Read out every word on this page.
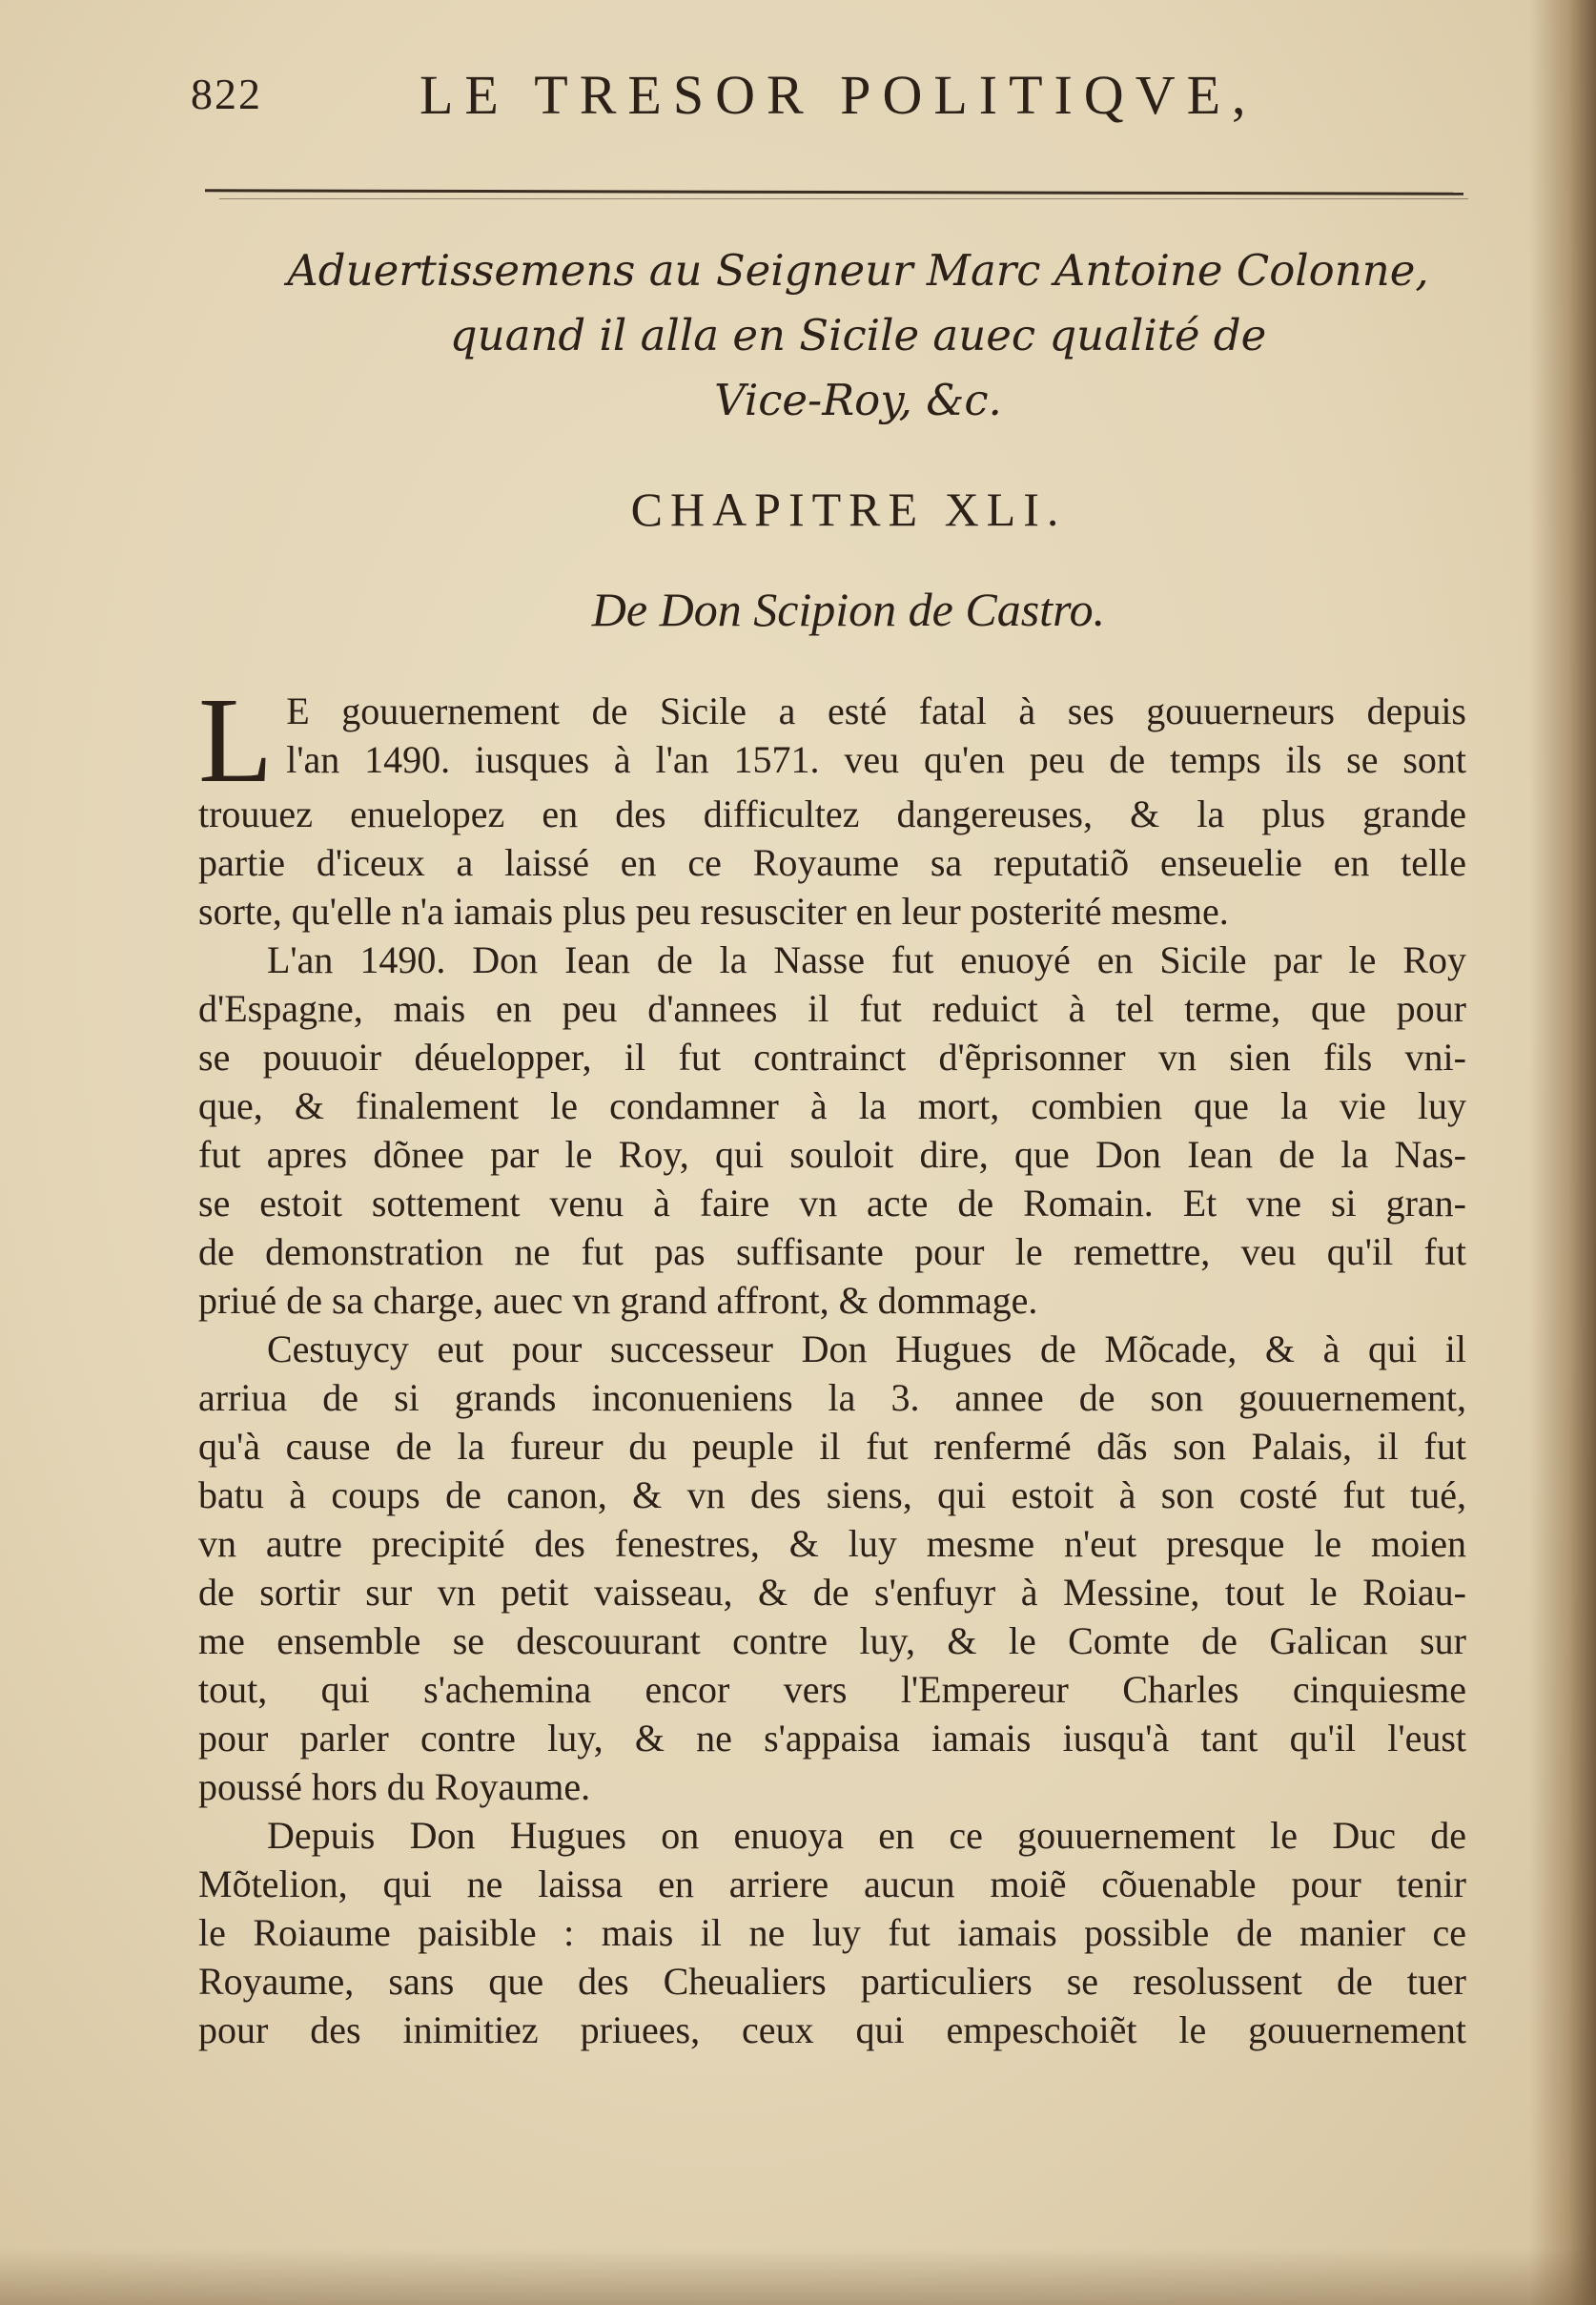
822	LE TRESOR POLITIQVE,
Aduertissemens au Seigneur Marc Antoine Colonne,
quand il alla en Sicile auec qualité de
Vice-Roy, &c.
CHAPITRE XLI.
De Don Scipion de Castro.
L E gouuernement de Sicile a esté fatal à ses gouuerneurs depuis
l'an 1490. iusques à l'an 1571. veu qu'en peu de temps ils se sont
trouuez enuelopez en des difficultez dangereuses, & la plus grande
partie d'iceux a laissé en ce Royaume sa reputatiõ enseuelie en telle
sorte, qu'elle n'a iamais plus peu resusciter en leur posterité mesme.
L'an 1490. Don Iean de la Nasse fut enuoyé en Sicile par le Roy
d'Espagne, mais en peu d'annees il fut reduict à tel terme, que pour
se pouuoir déuelopper, il fut contrainct d'ẽprisonner vn sien fils vni-
que, & finalement le condamner à la mort, combien que la vie luy
fut apres dõnee par le Roy, qui souloit dire, que Don Iean de la Nas-
se estoit sottement venu à faire vn acte de Romain. Et vne si gran-
de demonstration ne fut pas suffisante pour le remettre, veu qu'il fut
priué de sa charge, auec vn grand affront, & dommage.
Cestuycy eut pour successeur Don Hugues de Mõcade, & à qui il
arriua de si grands inconueniens la 3. annee de son gouuernement,
qu'à cause de la fureur du peuple il fut renfermé dãs son Palais, il fut
batu à coups de canon, & vn des siens, qui estoit à son costé fut tué,
vn autre precipité des fenestres, & luy mesme n'eut presque le moien
de sortir sur vn petit vaisseau, & de s'enfuyr à Messine, tout le Roiau-
me ensemble se descouurant contre luy, & le Comte de Galican sur
tout, qui s'achemina encor vers l'Empereur Charles cinquiesme
pour parler contre luy, & ne s'appaisa iamais iusqu'à tant qu'il l'eust
poussé hors du Royaume.
Depuis Don Hugues on enuoya en ce gouuernement le Duc de
Mõtelion, qui ne laissa en arriere aucun moiẽ cõuenable pour tenir
le Roiaume paisible : mais il ne luy fut iamais possible de manier ce
Royaume, sans que des Cheualiers particuliers se resolussent de tuer
pour des inimitiez priuees, ceux qui empeschoiẽt le gouuernement
